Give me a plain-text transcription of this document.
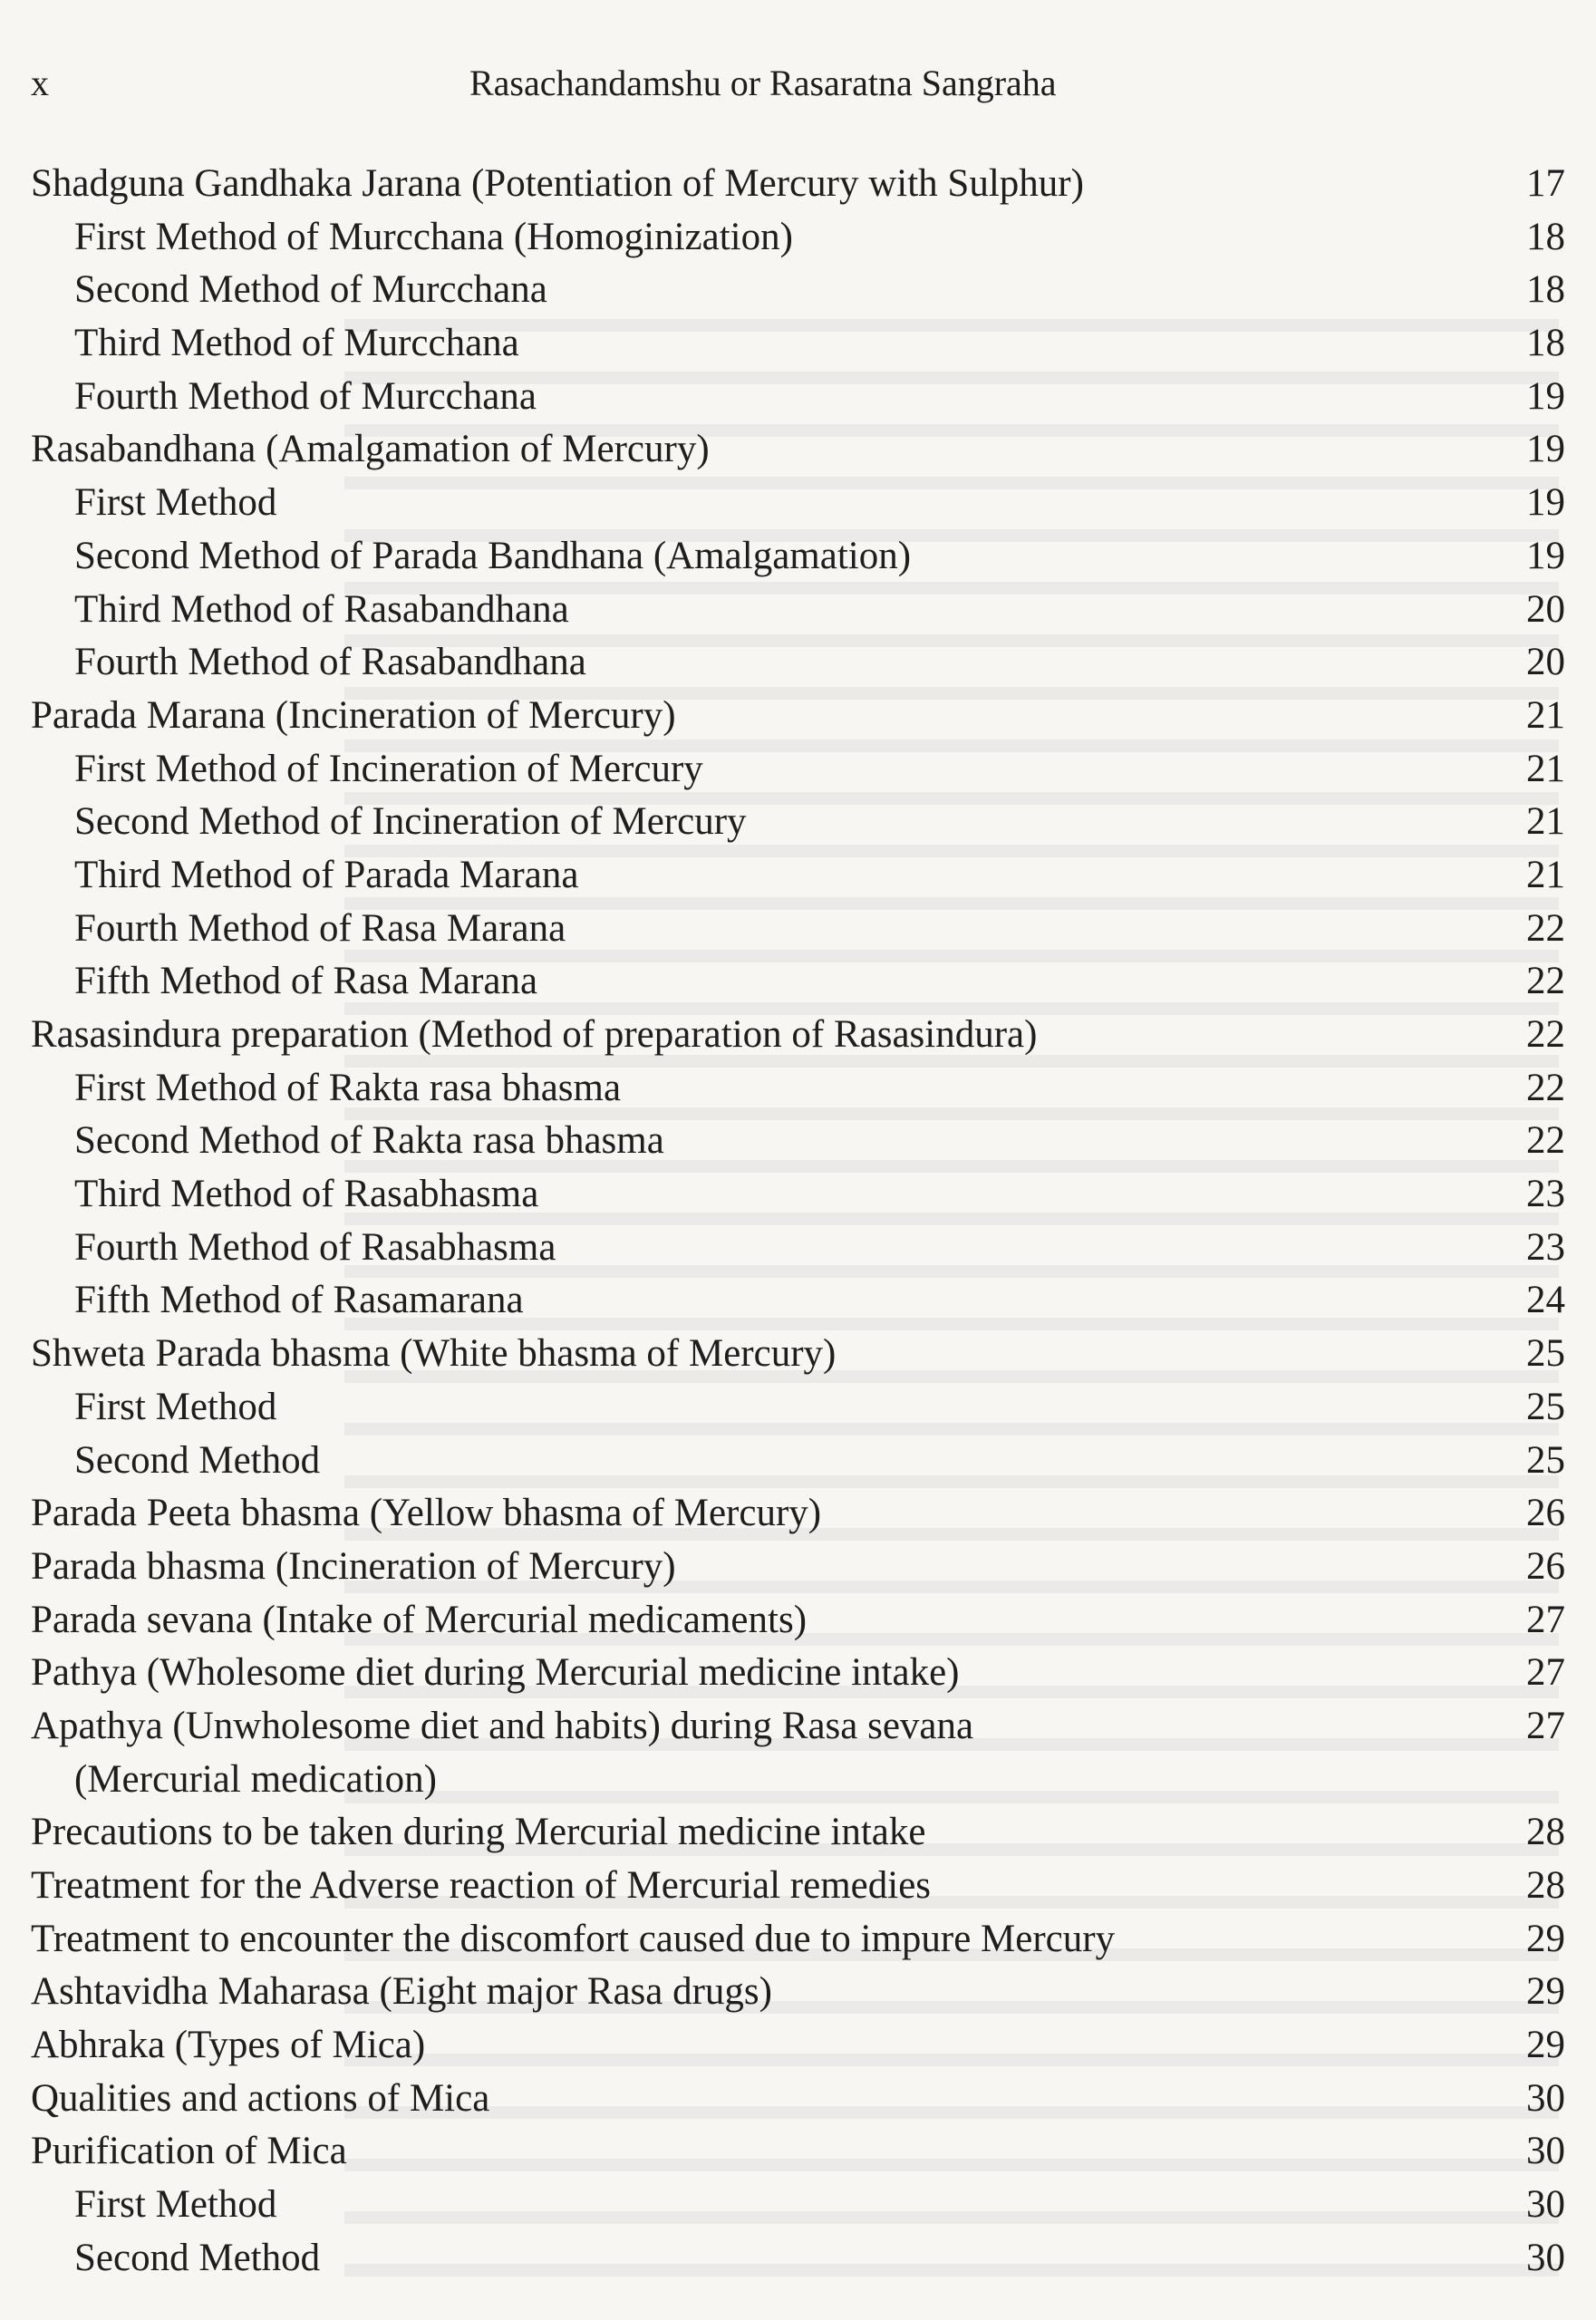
x	Rasachandamshu or Rasaratna Sangraha
Shadguna Gandhaka Jarana (Potentiation of Mercury with Sulphur)	17
First Method of Murcchana (Homoginization)	18
Second Method of Murcchana	18
Third Method of Murcchana	18
Fourth Method of Murcchana	19
Rasabandhana (Amalgamation of Mercury)	19
First Method	19
Second Method of Parada Bandhana (Amalgamation)	19
Third Method of Rasabandhana	20
Fourth Method of Rasabandhana	20
Parada Marana (Incineration of Mercury)	21
First Method of Incineration of Mercury	21
Second Method of Incineration of Mercury	21
Third Method of Parada Marana	21
Fourth Method of Rasa Marana	22
Fifth Method of Rasa Marana	22
Rasasindura preparation (Method of preparation of Rasasindura)	22
First Method of Rakta rasa bhasma	22
Second Method of Rakta rasa bhasma	22
Third Method of Rasabhasma	23
Fourth Method of Rasabhasma	23
Fifth Method of Rasamarana	24
Shweta Parada bhasma (White bhasma of Mercury)	25
First Method	25
Second Method	25
Parada Peeta bhasma (Yellow bhasma of Mercury)	26
Parada bhasma (Incineration of Mercury)	26
Parada sevana (Intake of Mercurial medicaments)	27
Pathya (Wholesome diet during Mercurial medicine intake)	27
Apathya (Unwholesome diet and habits) during Rasa sevana	27
(Mercurial medication)
Precautions to be taken during Mercurial medicine intake	28
Treatment for the Adverse reaction of Mercurial remedies	28
Treatment to encounter the discomfort caused due to impure Mercury	29
Ashtavidha Maharasa (Eight major Rasa drugs)	29
Abhraka (Types of Mica)	29
Qualities and actions of Mica	30
Purification of Mica	30
First Method	30
Second Method	30
